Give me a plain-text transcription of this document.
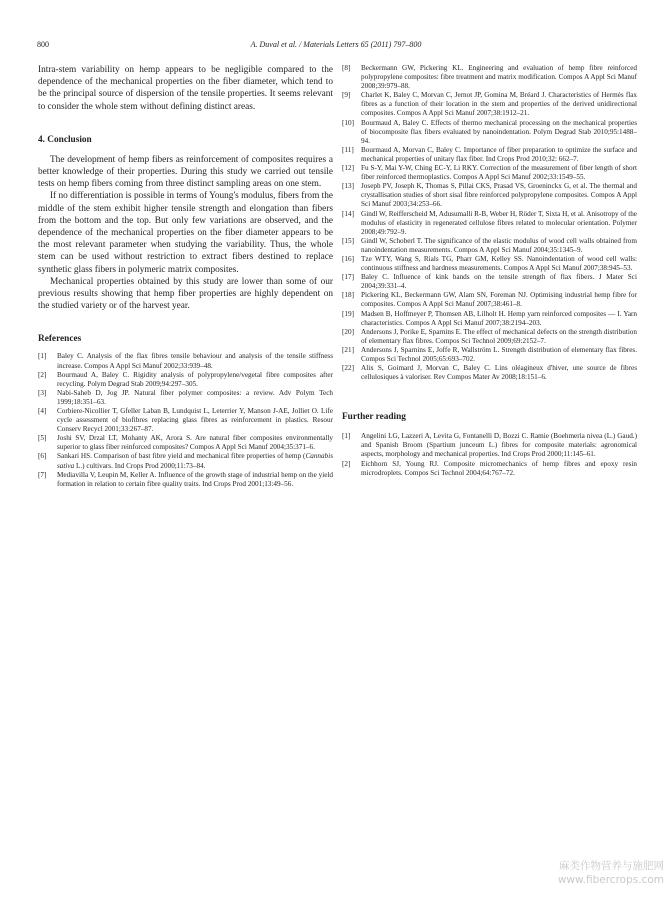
800	A. Duval et al. / Materials Letters 65 (2011) 797–800

Intra-stem variability on hemp appears to be negligible compared to the dependence of the mechanical properties on the fiber diameter, which tend to be the principal source of dispersion of the tensile properties. It seems relevant to consider the whole stem without defining distinct areas.

4. Conclusion

The development of hemp fibers as reinforcement of composites requires a better knowledge of their properties. During this study we carried out tensile tests on hemp fibers coming from three distinct sampling areas on one stem.

If no differentiation is possible in terms of Young's modulus, fibers from the middle of the stem exhibit higher tensile strength and elongation than fibers from the bottom and the top. But only few variations are observed, and the dependence of the mechanical properties on the fiber diameter appears to be the most relevant parameter when studying the variability. Thus, the whole stem can be used without restriction to extract fibers destined to replace synthetic glass fibers in polymeric matrix composites.

Mechanical properties obtained by this study are lower than some of our previous results showing that hemp fiber properties are highly dependent on the studied variety or of the harvest year.

References
[1] Baley C. Analysis of the flax fibres tensile behaviour and analysis of the tensile stiffness increase. Compos A Appl Sci Manuf 2002;33:939–48.
[2] Bourmaud A, Baley C. Rigidity analysis of polypropylene/vegetal fibre composites after recycling. Polym Degrad Stab 2009;94:297–305.
[3] Nabi-Saheb D, Jog JP. Natural fiber polymer composites: a review. Adv Polym Tech 1999;18:351–63.
[4] Corbiere-Nicollier T, Gfeller Laban B, Lundquist L, Leterrier Y, Manson J-AE, Jolliet O. Life cycle assessment of biofibres replacing glass fibres as reinforcement in plastics. Resour Conserv Recycl 2001;33:267–87.
[5] Joshi SV, Drzal LT, Mohanty AK, Arora S. Are natural fiber composites environmentally superior to glass fiber reinforced composites? Compos A Appl Sci Manuf 2004;35:371–6.
[6] Sankari HS. Comparison of bast fibre yield and mechanical fibre properties of hemp (Cannabis sativa L.) cultivars. Ind Crops Prod 2000;11:73–84.
[7] Mediavilla V, Leupin M, Keller A. Influence of the growth stage of industrial hemp on the yield formation in relation to certain fibre quality traits. Ind Crops Prod 2001;13:49–56.
[8] Beckermann GW, Pickering KL. Engineering and evaluation of hemp fibre reinforced polypropylene composites: fibre treatment and matrix modification. Compos A Appl Sci Manuf 2008;39:979–88.
[9] Charlet K, Baley C, Morvan C, Jernot JP, Gomina M, Bréard J. Characteristics of Hermès flax fibres as a function of their location in the stem and properties of the derived unidirectional composites. Compos A Appl Sci Manuf 2007;38:1912–21.
[10] Bourmaud A, Baley C. Effects of thermo mechanical processing on the mechanical properties of biocomposite flax fibers evaluated by nanoindentation. Polym Degrad Stab 2010;95:1488–94.
[11] Bourmaud A, Morvan C, Baley C. Importance of fiber preparation to optimize the surface and mechanical properties of unitary flax fiber. Ind Crops Prod 2010;32: 662–7.
[12] Fu S-Y, Mai Y-W, Ching EC-Y, Li RKY. Correction of the measurement of fiber length of short fiber reinforced thermoplastics. Compos A Appl Sci Manuf 2002;33:1549–55.
[13] Joseph PV, Joseph K, Thomas S, Pillai CKS, Prasad VS, Groeninckx G, et al. The thermal and crystallisation studies of short sisal fibre reinforced polypropylene composites. Compos A Appl Sci Manuf 2003;34:253–66.
[14] Gindl W, Reifferscheid M, Adusumalli R-B, Weber H, Röder T, Sixta H, et al. Anisotropy of the modulus of elasticity in regenerated cellulose fibres related to molecular orientation. Polymer 2008;49:792–9.
[15] Gindl W, Schoberl T. The significance of the elastic modulus of wood cell walls obtained from nanoindentation measurements. Compos A Appl Sci Manuf 2004;35:1345–9.
[16] Tze WTY, Wang S, Rials TG, Pharr GM, Kelley SS. Nanoindentation of wood cell walls: continuous stiffness and hardness measurements. Compos A Appl Sci Manuf 2007;38:945–53.
[17] Baley C. Influence of kink bands on the tensile strength of flax fibers. J Mater Sci 2004;39:331–4.
[18] Pickering KL, Beckermann GW, Alam SN, Foreman NJ. Optimising industrial hemp fibre for composites. Compos A Appl Sci Manuf 2007;38:461–8.
[19] Madsen B, Hoffmeyer P, Thomsen AB, Lilholt H. Hemp yarn reinforced composites — I. Yarn characteristics. Compos A Appl Sci Manuf 2007;38:2194–203.
[20] Andersons J, Porike E, Sparnins E. The effect of mechanical defects on the strength distribution of elementary flax fibres. Compos Sci Technol 2009;69:2152–7.
[21] Andersons J, Sparnins E, Joffe R, Wallström L. Strength distribution of elementary flax fibres. Compos Sci Technol 2005;65:693–702.
[22] Alix S, Goimard J, Morvan C, Baley C. Lins oléagineux d'hiver, une source de fibres cellulosiques à valoriser. Rev Compos Mater Av 2008;18:151–6.
Further reading
[1] Angelini LG, Lazzeri A, Levita G, Fontanelli D, Bozzi C. Ramie (Boehmeria nivea (L.) Gaud.) and Spanish Broom (Spartium junceum L.) fibres for composite materials: agronomical aspects, morphology and mechanical properties. Ind Crops Prod 2000;11:145–61.
[2] Eichhorn SJ, Young RJ. Composite micromechanics of hemp fibres and epoxy resin microdroplets. Compos Sci Technol 2004;64:767–72.
麻类作物营养与施肥网
www.fibercrops.com
